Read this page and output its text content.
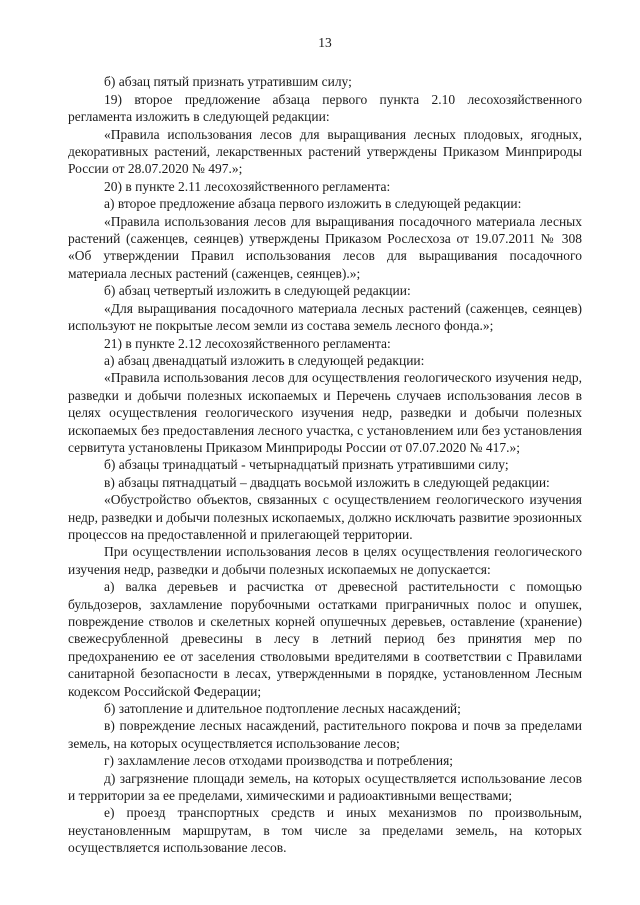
13

б) абзац пятый признать утратившим силу;

19) второе предложение абзаца первого пункта 2.10 лесохозяйственного регламента изложить в следующей редакции:

«Правила использования лесов для выращивания лесных плодовых, ягодных, декоративных растений, лекарственных растений утверждены Приказом Минприроды России от 28.07.2020 № 497.»;

20) в пункте 2.11 лесохозяйственного регламента:

а) второе предложение абзаца первого изложить в следующей редакции:

«Правила использования лесов для выращивания посадочного материала лесных растений (саженцев, сеянцев) утверждены Приказом Рослесхоза от 19.07.2011 № 308 «Об утверждении Правил использования лесов для выращивания посадочного материала лесных растений (саженцев, сеянцев).»;

б) абзац четвертый изложить в следующей редакции:

«Для выращивания посадочного материала лесных растений (саженцев, сеянцев) используют не покрытые лесом земли из состава земель лесного фонда.»;

21) в пункте 2.12 лесохозяйственного регламента:

а) абзац двенадцатый изложить в следующей редакции:

«Правила использования лесов для осуществления геологического изучения недр, разведки и добычи полезных ископаемых и Перечень случаев использования лесов в целях осуществления геологического изучения недр, разведки и добычи полезных ископаемых без предоставления лесного участка, с установлением или без установления сервитута установлены Приказом Минприроды России от 07.07.2020 № 417.»;

б) абзацы тринадцатый - четырнадцатый признать утратившими силу;

в) абзацы пятнадцатый – двадцать восьмой изложить в следующей редакции:

«Обустройство объектов, связанных с осуществлением геологического изучения недр, разведки и добычи полезных ископаемых, должно исключать развитие эрозионных процессов на предоставленной и прилегающей территории.

При осуществлении использования лесов в целях осуществления геологического изучения недр, разведки и добычи полезных ископаемых не допускается:

а) валка деревьев и расчистка от древесной растительности с помощью бульдозеров, захламление порубочными остатками приграничных полос и опушек, повреждение стволов и скелетных корней опушечных деревьев, оставление (хранение) свежесрубленной древесины в лесу в летний период без принятия мер по предохранению ее от заселения стволовыми вредителями в соответствии с Правилами санитарной безопасности в лесах, утвержденными в порядке, установленном Лесным кодексом Российской Федерации;

б) затопление и длительное подтопление лесных насаждений;

в) повреждение лесных насаждений, растительного покрова и почв за пределами земель, на которых осуществляется использование лесов;

г) захламление лесов отходами производства и потребления;

д) загрязнение площади земель, на которых осуществляется использование лесов и территории за ее пределами, химическими и радиоактивными веществами;

е) проезд транспортных средств и иных механизмов по произвольным, неустановленным маршрутам, в том числе за пределами земель, на которых осуществляется использование лесов.
